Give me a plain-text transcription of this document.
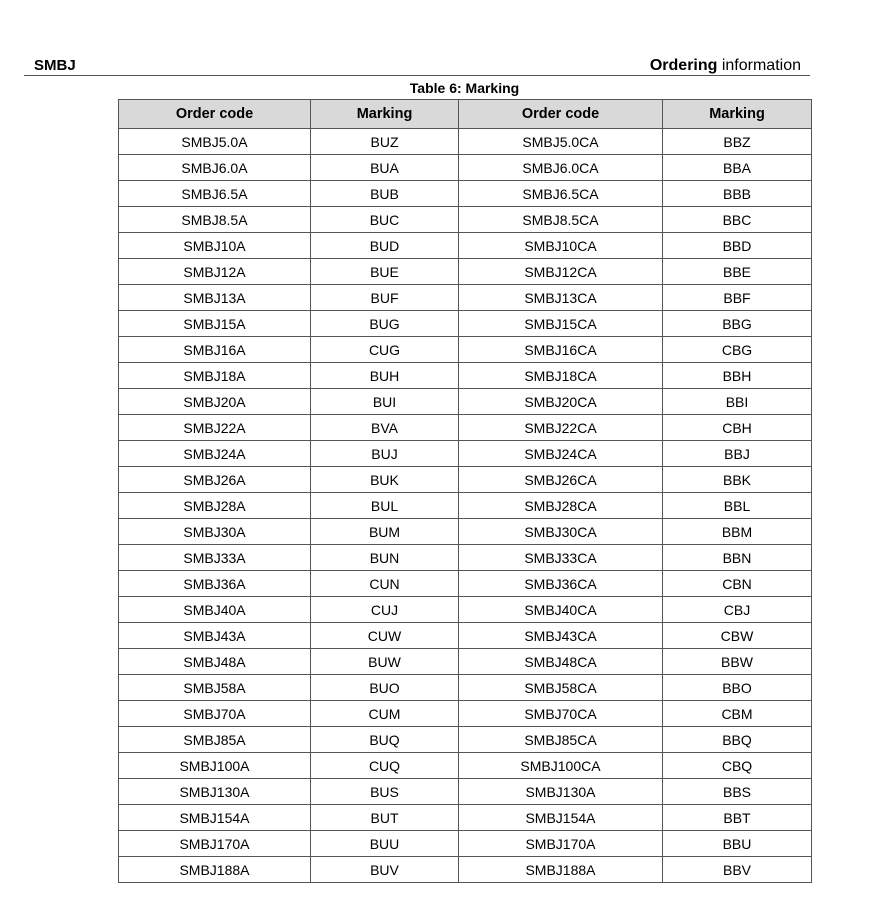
SMBJ	Ordering information
Table 6: Marking
Order code	Marking	Order code	Marking
SMBJ5.0A	BUZ	SMBJ5.0CA	BBZ
SMBJ6.0A	BUA	SMBJ6.0CA	BBA
SMBJ6.5A	BUB	SMBJ6.5CA	BBB
SMBJ8.5A	BUC	SMBJ8.5CA	BBC
SMBJ10A	BUD	SMBJ10CA	BBD
SMBJ12A	BUE	SMBJ12CA	BBE
SMBJ13A	BUF	SMBJ13CA	BBF
SMBJ15A	BUG	SMBJ15CA	BBG
SMBJ16A	CUG	SMBJ16CA	CBG
SMBJ18A	BUH	SMBJ18CA	BBH
SMBJ20A	BUI	SMBJ20CA	BBI
SMBJ22A	BVA	SMBJ22CA	CBH
SMBJ24A	BUJ	SMBJ24CA	BBJ
SMBJ26A	BUK	SMBJ26CA	BBK
SMBJ28A	BUL	SMBJ28CA	BBL
SMBJ30A	BUM	SMBJ30CA	BBM
SMBJ33A	BUN	SMBJ33CA	BBN
SMBJ36A	CUN	SMBJ36CA	CBN
SMBJ40A	CUJ	SMBJ40CA	CBJ
SMBJ43A	CUW	SMBJ43CA	CBW
SMBJ48A	BUW	SMBJ48CA	BBW
SMBJ58A	BUO	SMBJ58CA	BBO
SMBJ70A	CUM	SMBJ70CA	CBM
SMBJ85A	BUQ	SMBJ85CA	BBQ
SMBJ100A	CUQ	SMBJ100CA	CBQ
SMBJ130A	BUS	SMBJ130A	BBS
SMBJ154A	BUT	SMBJ154A	BBT
SMBJ170A	BUU	SMBJ170A	BBU
SMBJ188A	BUV	SMBJ188A	BBV
